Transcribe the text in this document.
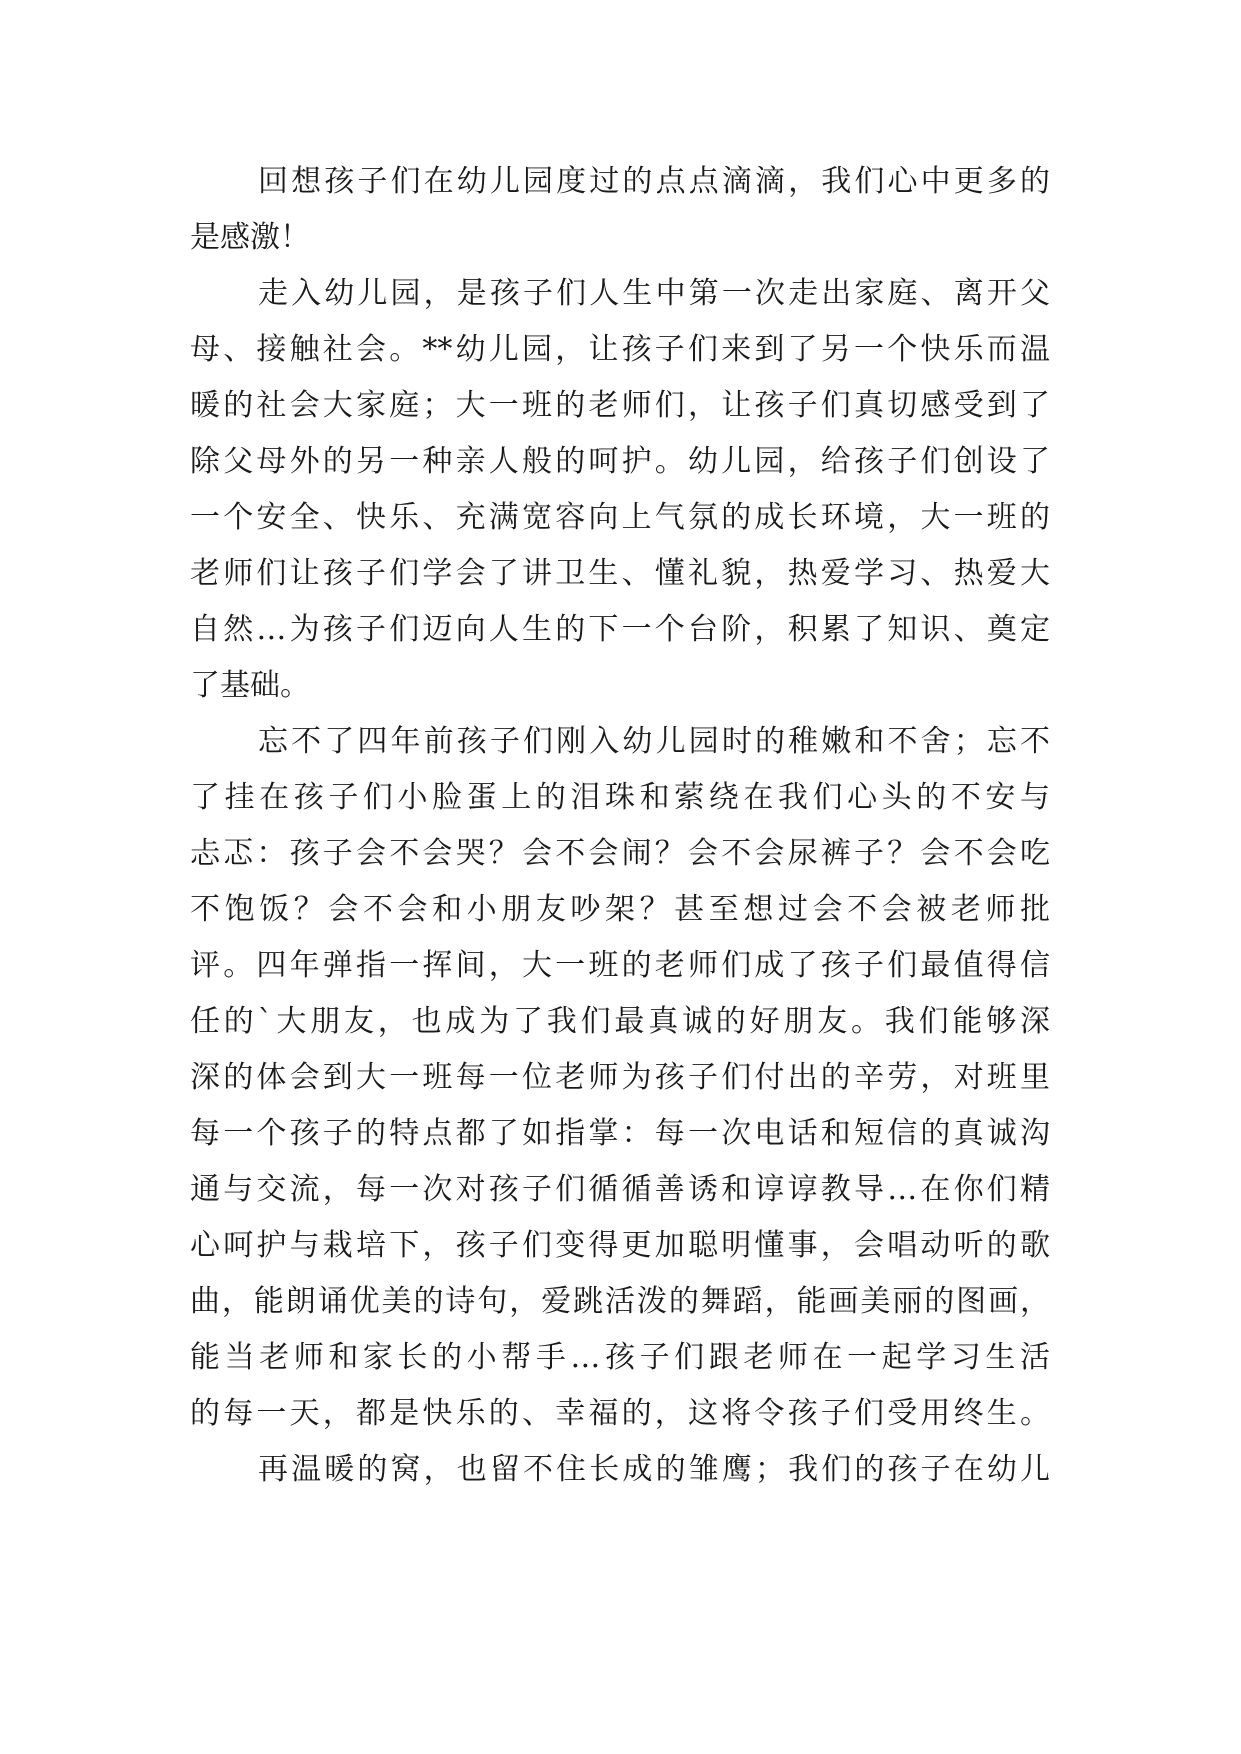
回想孩子们在幼儿园度过的点点滴滴，我们心中更多的
是感激！
走入幼儿园，是孩子们人生中第一次走出家庭、离开父
母、接触社会。**幼儿园，让孩子们来到了另一个快乐而温
暖的社会大家庭；大一班的老师们，让孩子们真切感受到了
除父母外的另一种亲人般的呵护。幼儿园，给孩子们创设了
一个安全、快乐、充满宽容向上气氛的成长环境，大一班的
老师们让孩子们学会了讲卫生、懂礼貌，热爱学习、热爱大
自然…为孩子们迈向人生的下一个台阶，积累了知识、奠定
了基础。
忘不了四年前孩子们刚入幼儿园时的稚嫩和不舍；忘不
了挂在孩子们小脸蛋上的泪珠和萦绕在我们心头的不安与
忐忑：孩子会不会哭？会不会闹？会不会尿裤子？会不会吃
不饱饭？会不会和小朋友吵架？甚至想过会不会被老师批
评。四年弹指一挥间，大一班的老师们成了孩子们最值得信
任的`大朋友，也成为了我们最真诚的好朋友。我们能够深
深的体会到大一班每一位老师为孩子们付出的辛劳，对班里
每一个孩子的特点都了如指掌：每一次电话和短信的真诚沟
通与交流，每一次对孩子们循循善诱和谆谆教导…在你们精
心呵护与栽培下，孩子们变得更加聪明懂事，会唱动听的歌
曲，能朗诵优美的诗句，爱跳活泼的舞蹈，能画美丽的图画，
能当老师和家长的小帮手…孩子们跟老师在一起学习生活
的每一天，都是快乐的、幸福的，这将令孩子们受用终生。
再温暖的窝，也留不住长成的雏鹰；我们的孩子在幼儿
